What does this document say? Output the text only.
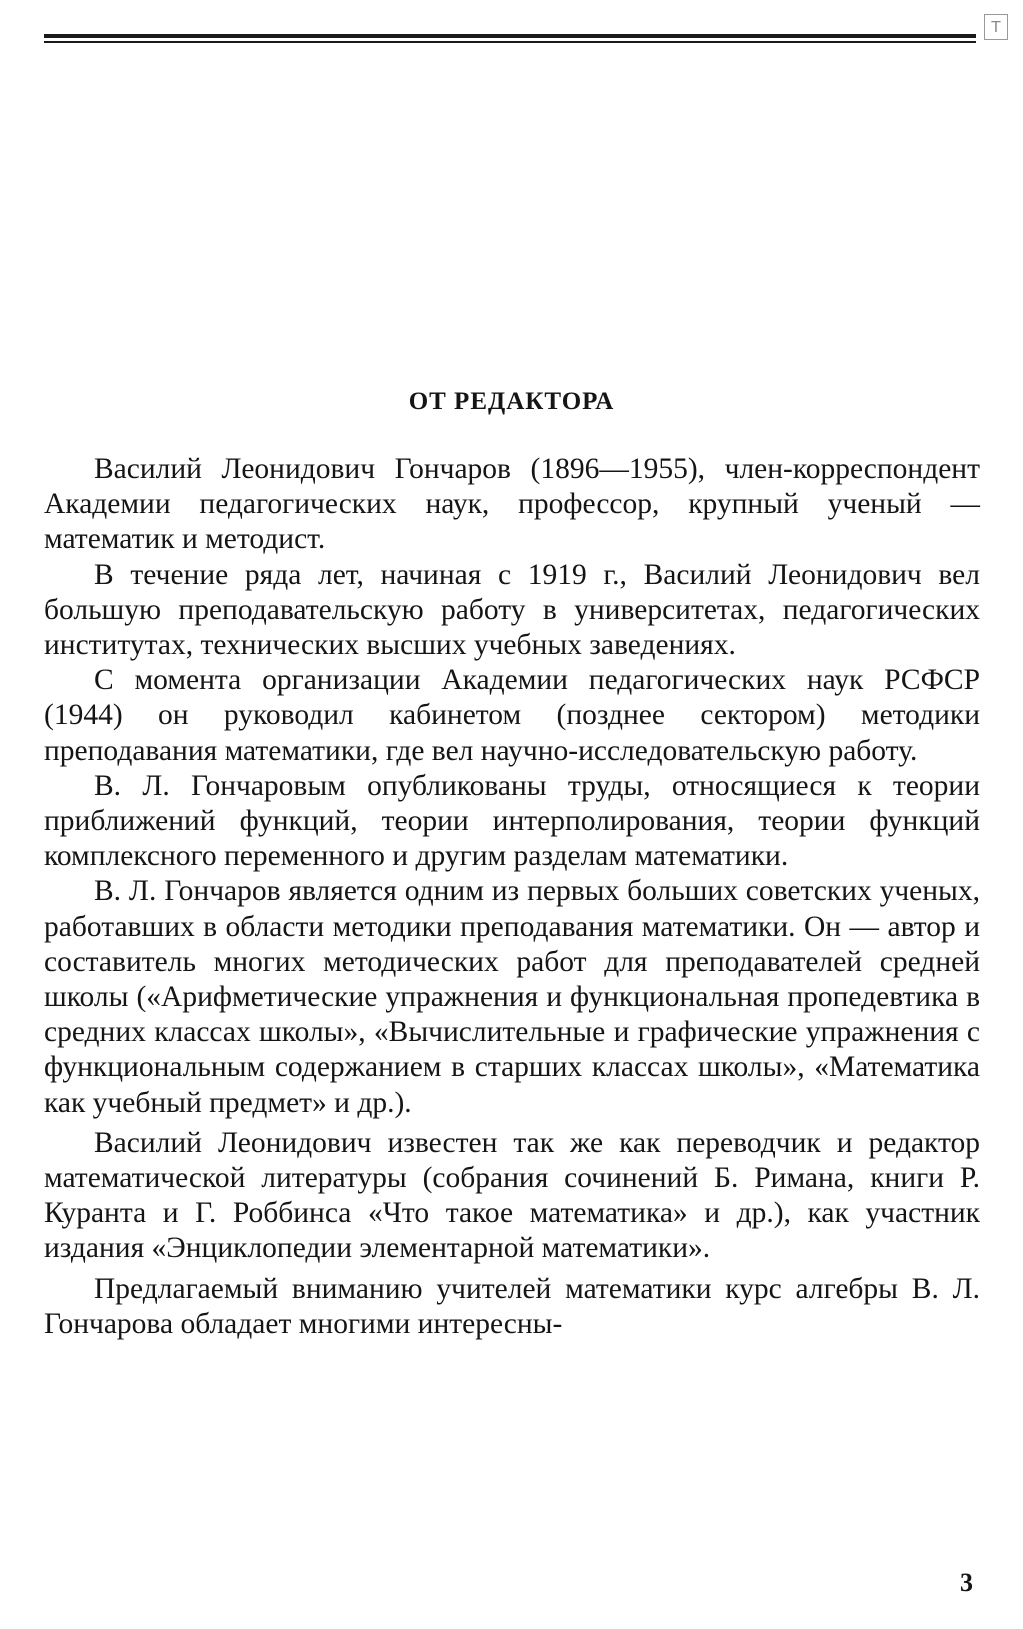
T
ОТ РЕДАКТОРА

Василий Леонидович Гончаров (1896—1955), член-корреспондент Академии педагогических наук, профессор, крупный ученый — математик и методист.

В течение ряда лет, начиная с 1919 г., Василий Леонидович вел большую преподавательскую работу в университетах, педагогических институтах, технических высших учебных заведениях.

С момента организации Академии педагогических наук РСФСР (1944) он руководил кабинетом (позднее сектором) методики преподавания математики, где вел научно-исследовательскую работу.

В. Л. Гончаровым опубликованы труды, относящиеся к теории приближений функций, теории интерполирования, теории функций комплексного переменного и другим разделам математики.

В. Л. Гончаров является одним из первых больших советских ученых, работавших в области методики преподавания математики. Он — автор и составитель многих методических работ для преподавателей средней школы («Арифметические упражнения и функциональная пропедевтика в средних классах школы», «Вычислительные и графические упражнения с функциональным содержанием в старших классах школы», «Математика как учебный предмет» и др.).

Василий Леонидович известен так же как переводчик и редактор математической литературы (собрания сочинений Б. Римана, книги Р. Куранта и Г. Роббинса «Что такое математика» и др.), как участник издания «Энциклопедии элементарной математики».

Предлагаемый вниманию учителей математики курс алгебры В. Л. Гончарова обладает многими интересны-

3
